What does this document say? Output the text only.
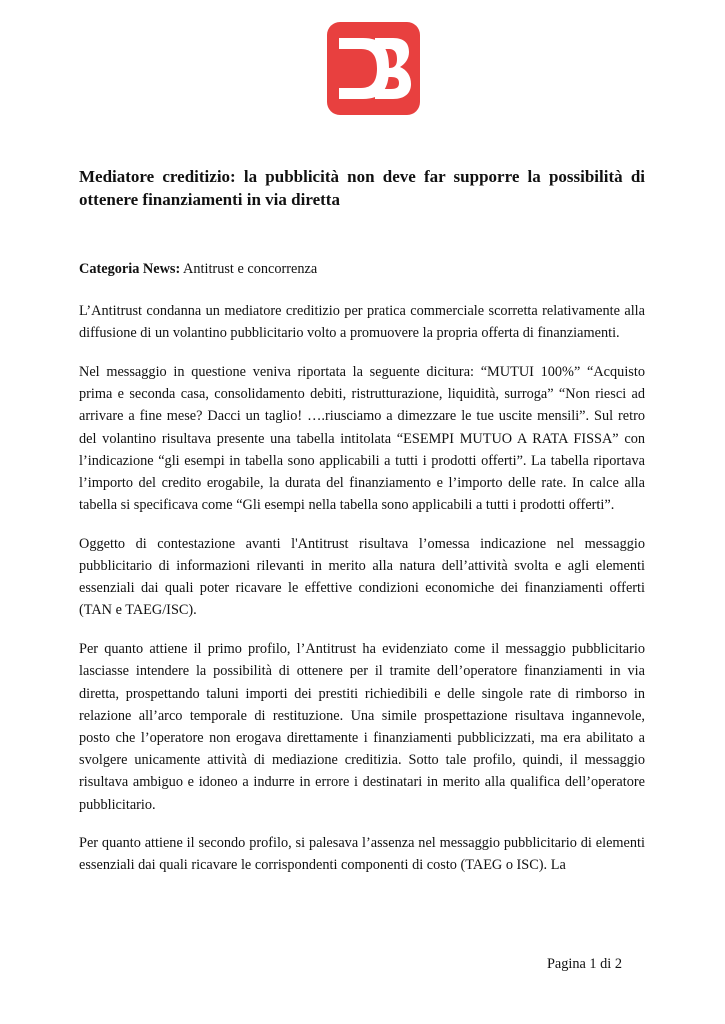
Mediatore creditizio: la pubblicità non deve far supporre la possibilità di ottenere finanziamenti in via diretta

Categoria News: Antitrust e concorrenza

L’Antitrust condanna un mediatore creditizio per pratica commerciale scorretta relativamente alla diffusione di un volantino pubblicitario volto a promuovere la propria offerta di finanziamenti.

Nel messaggio in questione veniva riportata la seguente dicitura: “MUTUI 100%” “Acquisto prima e seconda casa, consolidamento debiti, ristrutturazione, liquidità, surroga” “Non riesci ad arrivare a fine mese? Dacci un taglio! ….riusciamo a dimezzare le tue uscite mensili”. Sul retro del volantino risultava presente una tabella intitolata “ESEMPI MUTUO A RATA FISSA” con l’indicazione “gli esempi in tabella sono applicabili a tutti i prodotti offerti”. La tabella riportava l’importo del credito erogabile, la durata del finanziamento e l’importo delle rate. In calce alla tabella si specificava come “Gli esempi nella tabella sono applicabili a tutti i prodotti offerti”.

Oggetto di contestazione avanti l'Antitrust risultava l’omessa indicazione nel messaggio pubblicitario di informazioni rilevanti in merito alla natura dell’attività svolta e agli elementi essenziali dai quali poter ricavare le effettive condizioni economiche dei finanziamenti offerti (TAN e TAEG/ISC).

Per quanto attiene il primo profilo, l’Antitrust ha evidenziato come il messaggio pubblicitario lasciasse intendere la possibilità di ottenere per il tramite dell’operatore finanziamenti in via diretta, prospettando taluni importi dei prestiti richiedibili e delle singole rate di rimborso in relazione all’arco temporale di restituzione. Una simile prospettazione risultava ingannevole, posto che l’operatore non erogava direttamente i finanziamenti pubblicizzati, ma era abilitato a svolgere unicamente attività di mediazione creditizia. Sotto tale profilo, quindi, il messaggio risultava ambiguo e idoneo a indurre in errore i destinatari in merito alla qualifica dell’operatore pubblicitario.

Per quanto attiene il secondo profilo, si palesava l’assenza nel messaggio pubblicitario di elementi essenziali dai quali ricavare le corrispondenti componenti di costo (TAEG o ISC). La

Pagina 1 di 2
